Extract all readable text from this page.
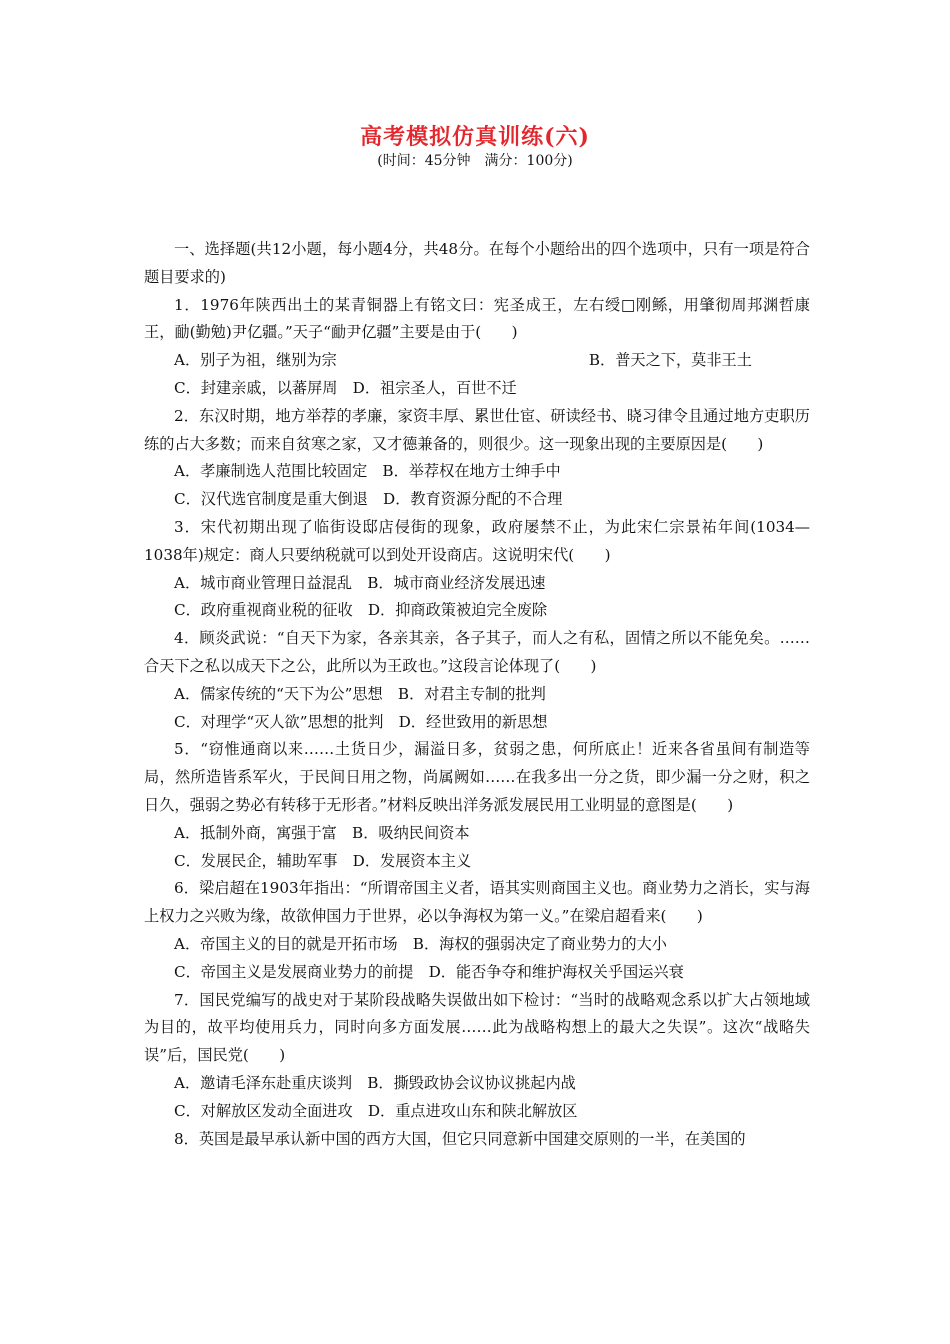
高考模拟仿真训练(六)
(时间：45分钟　满分：100分)

一、选择题(共12小题，每小题4分，共48分。在每个小题给出的四个选项中，只有一项是符合题目要求的)

1．1976年陕西出土的某青铜器上有铭文曰：宪圣成王，左右绶□刚鲧，用肇彻周邦渊哲康王，勔(勤勉)尹亿疆。”天子“勔尹亿疆”主要是由于(　　)

A．别子为祖，继别为宗	B．普天之下，莫非王土

C．封建亲戚，以蕃屏周　D．祖宗圣人，百世不迁

2．东汉时期，地方举荐的孝廉，家资丰厚、累世仕宦、研读经书、晓习律令且通过地方吏职历练的占大多数；而来自贫寒之家，又才德兼备的，则很少。这一现象出现的主要原因是(　　)

A．孝廉制选人范围比较固定　B．举荐权在地方士绅手中

C．汉代选官制度是重大倒退　D．教育资源分配的不合理

3．宋代初期出现了临街设邸店侵街的现象，政府屡禁不止，为此宋仁宗景祐年间(1034—1038年)规定：商人只要纳税就可以到处开设商店。这说明宋代(　　)

A．城市商业管理日益混乱　B．城市商业经济发展迅速

C．政府重视商业税的征收　D．抑商政策被迫完全废除

4．顾炎武说：“自天下为家，各亲其亲，各子其子，而人之有私，固情之所以不能免矣。……合天下之私以成天下之公，此所以为王政也。”这段言论体现了(　　)

A．儒家传统的“天下为公”思想　B．对君主专制的批判

C．对理学“灭人欲”思想的批判　D．经世致用的新思想

5．“窃惟通商以来……土货日少，漏溢日多，贫弱之患，何所底止！近来各省虽间有制造等局，然所造皆系军火，于民间日用之物，尚属阙如……在我多出一分之货，即少漏一分之财，积之日久，强弱之势必有转移于无形者。”材料反映出洋务派发展民用工业明显的意图是(　　)

A．抵制外商，寓强于富　B．吸纳民间资本

C．发展民企，辅助军事　D．发展资本主义

6．梁启超在1903年指出：“所谓帝国主义者，语其实则商国主义也。商业势力之消长，实与海上权力之兴败为缘，故欲伸国力于世界，必以争海权为第一义。”在梁启超看来(　　)

A．帝国主义的目的就是开拓市场　B．海权的强弱决定了商业势力的大小

C．帝国主义是发展商业势力的前提　D．能否争夺和维护海权关乎国运兴衰

7．国民党编写的战史对于某阶段战略失误做出如下检讨：“当时的战略观念系以扩大占领地域为目的，故平均使用兵力，同时向多方面发展……此为战略构想上的最大之失误”。这次“战略失误”后，国民党(　　)

A．邀请毛泽东赴重庆谈判　B．撕毁政协会议协议挑起内战

C．对解放区发动全面进攻　D．重点进攻山东和陕北解放区

8．英国是最早承认新中国的西方大国，但它只同意新中国建交原则的一半，在美国的
